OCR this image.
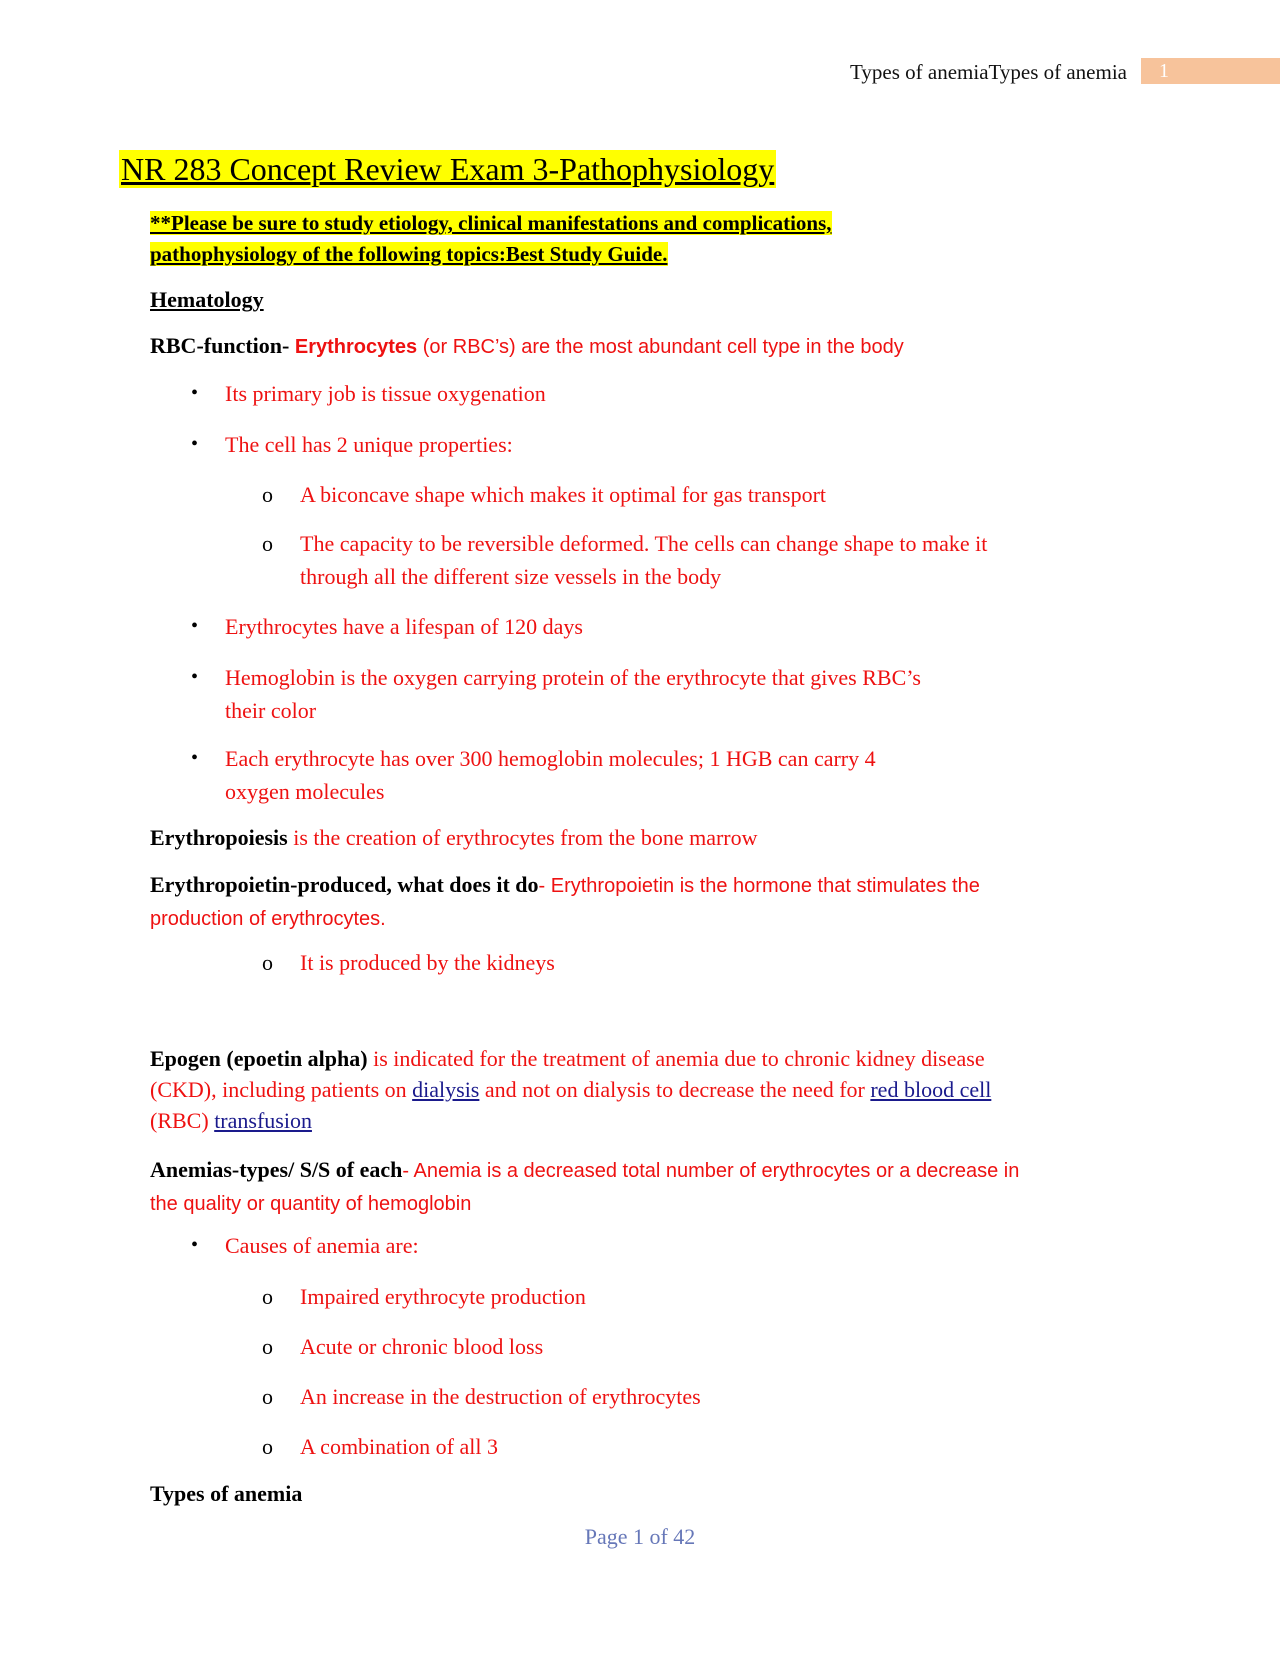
Types of anemiaTypes of anemia	1
NR 283 Concept Review Exam 3-Pathophysiology
**Please be sure to study etiology, clinical manifestations and complications,
pathophysiology of the following topics:Best Study Guide.
Hematology
RBC-function- Erythrocytes (or RBC’s) are the most abundant cell type in the body
• Its primary job is tissue oxygenation
• The cell has 2 unique properties:
o A biconcave shape which makes it optimal for gas transport
o The capacity to be reversible deformed. The cells can change shape to make it
through all the different size vessels in the body
• Erythrocytes have a lifespan of 120 days
• Hemoglobin is the oxygen carrying protein of the erythrocyte that gives RBC’s
their color
• Each erythrocyte has over 300 hemoglobin molecules; 1 HGB can carry 4
oxygen molecules
Erythropoiesis is the creation of erythrocytes from the bone marrow
Erythropoietin-produced, what does it do- Erythropoietin is the hormone that stimulates the
production of erythrocytes.
o It is produced by the kidneys
Epogen (epoetin alpha) is indicated for the treatment of anemia due to chronic kidney disease
(CKD), including patients on dialysis and not on dialysis to decrease the need for red blood cell
(RBC) transfusion
Anemias-types/ S/S of each- Anemia is a decreased total number of erythrocytes or a decrease in
the quality or quantity of hemoglobin
• Causes of anemia are:
o Impaired erythrocyte production
o Acute or chronic blood loss
o An increase in the destruction of erythrocytes
o A combination of all 3
Types of anemia
Page 1 of 42
